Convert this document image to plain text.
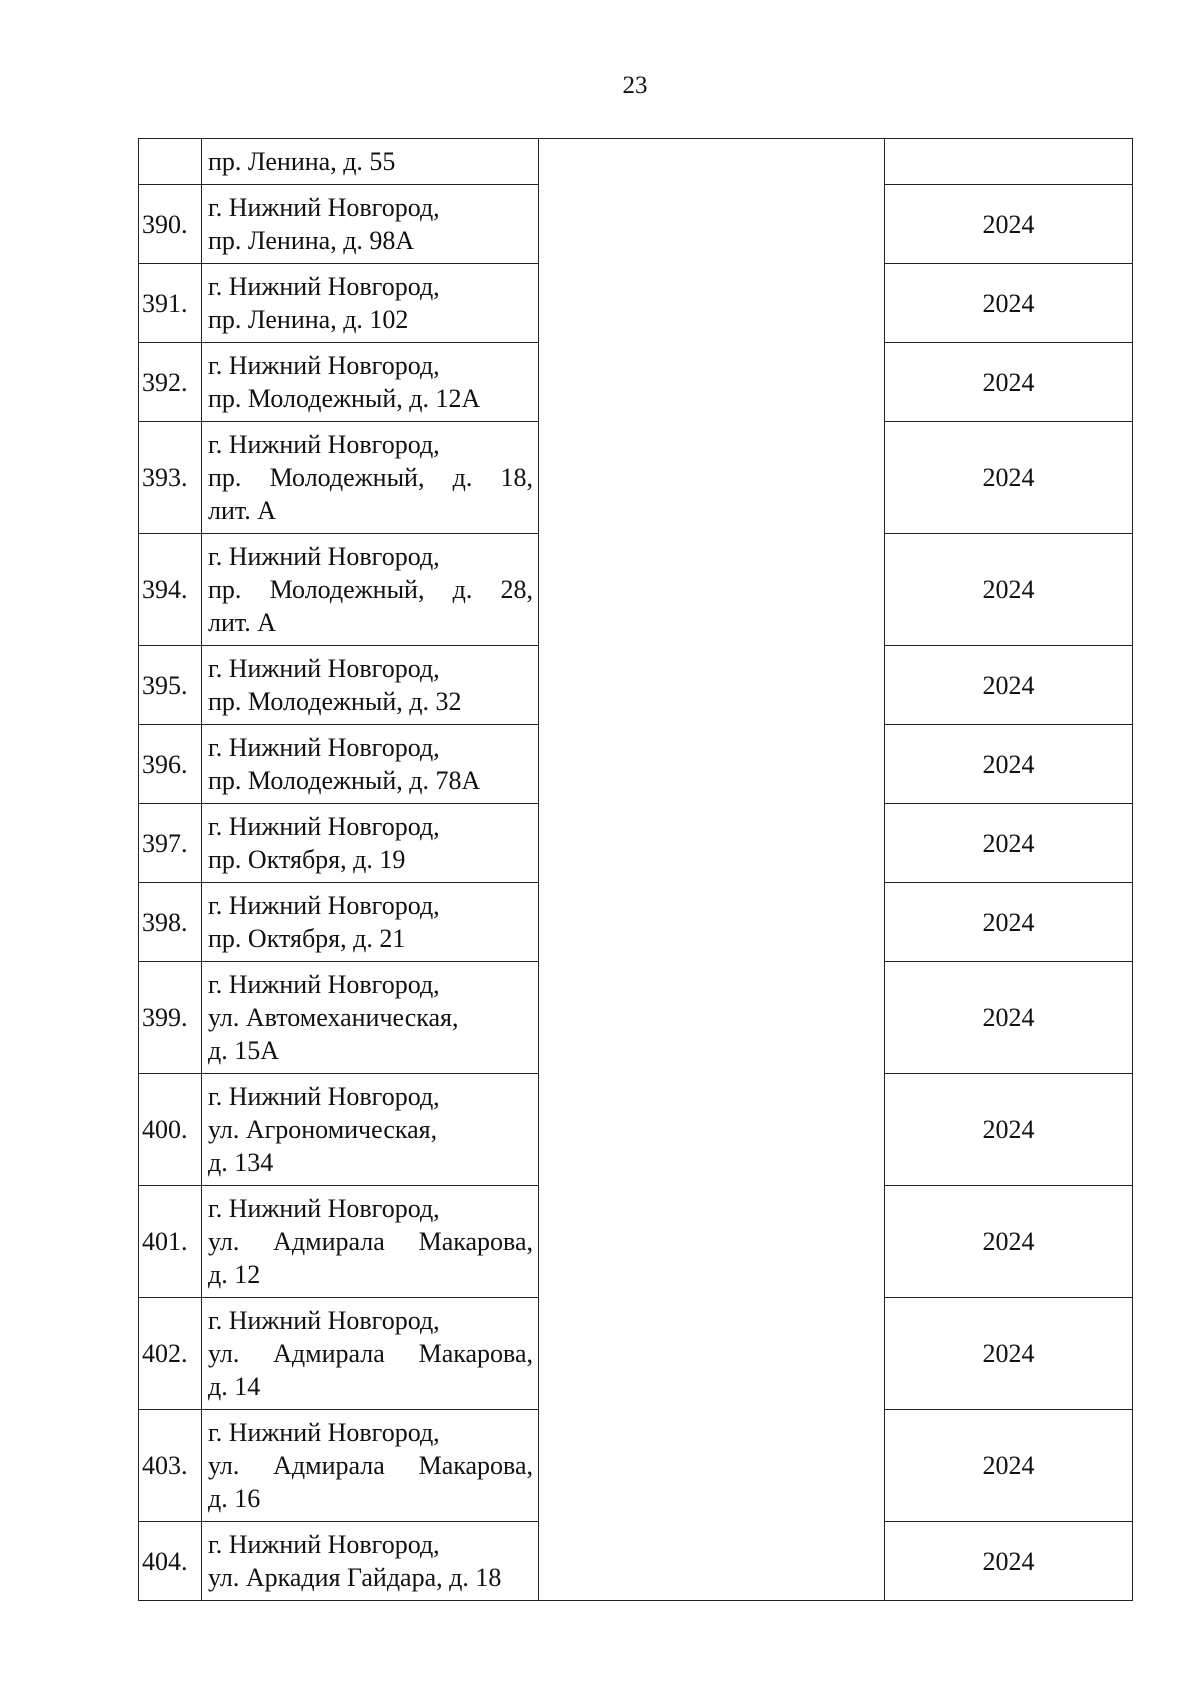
23

	пр. Ленина, д. 55		

390.	г. Нижний Новгород,
пр. Ленина, д. 98А		2024
391.	г. Нижний Новгород,
пр. Ленина, д. 102		2024
392.	г. Нижний Новгород,
пр. Молодежный, д. 12А		2024
393.	г. Нижний Новгород,
пр. Молодежный, д. 18,
лит. А		2024
394.	г. Нижний Новгород,
пр. Молодежный, д. 28,
лит. А		2024
395.	г. Нижний Новгород,
пр. Молодежный, д. 32		2024
396.	г. Нижний Новгород,
пр. Молодежный, д. 78А		2024
397.	г. Нижний Новгород,
пр. Октября, д. 19		2024
398.	г. Нижний Новгород,
пр. Октября, д. 21		2024
399.	г. Нижний Новгород,
ул. Автомеханическая,
д. 15А		2024
400.	г. Нижний Новгород,
ул. Агрономическая,
д. 134		2024
401.	г. Нижний Новгород,
ул. Адмирала Макарова,
д. 12		2024
402.	г. Нижний Новгород,
ул. Адмирала Макарова,
д. 14		2024
403.	г. Нижний Новгород,
ул. Адмирала Макарова,
д. 16		2024
404.	г. Нижний Новгород,
ул. Аркадия Гайдара, д. 18		2024
